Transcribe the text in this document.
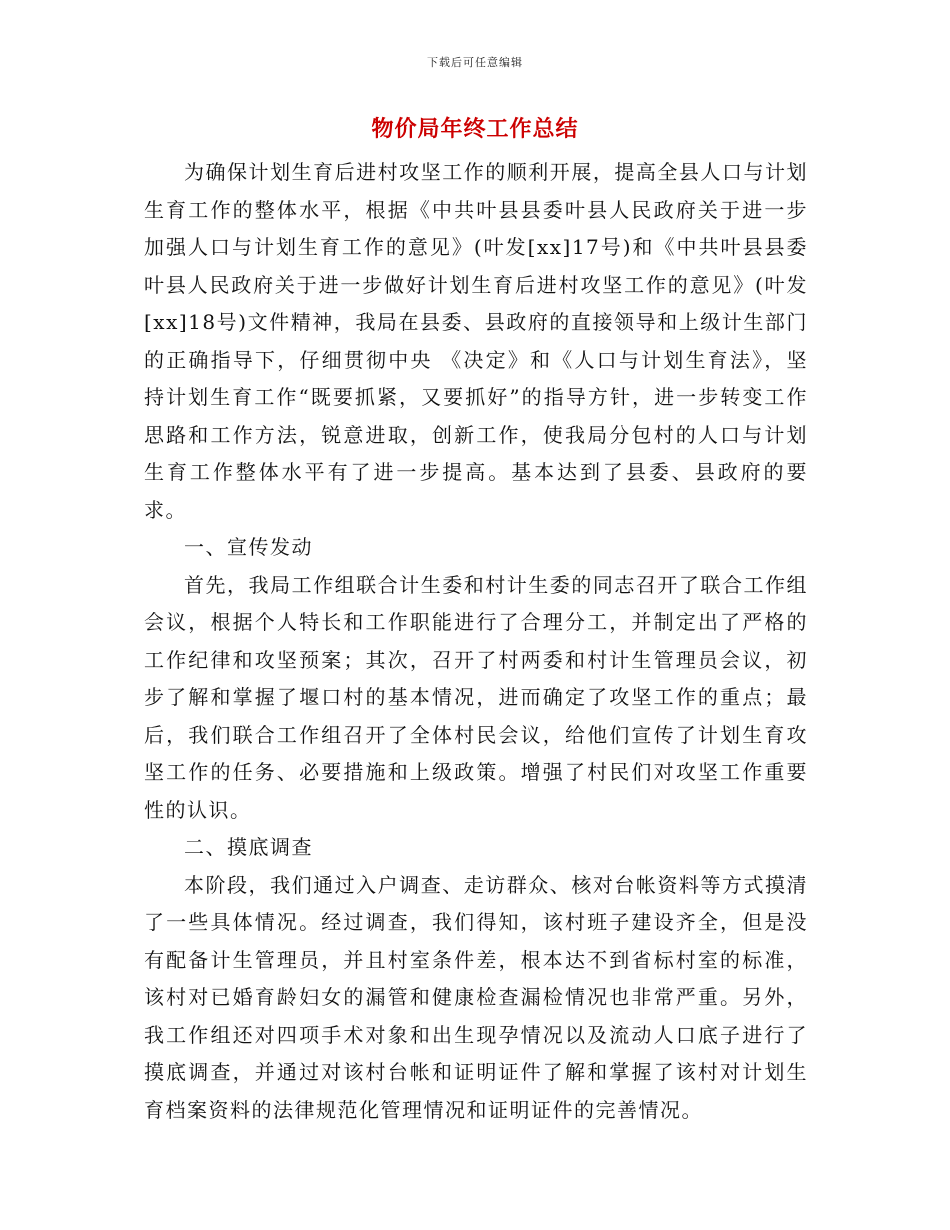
下载后可任意编辑
物价局年终工作总结

为确保计划生育后进村攻坚工作的顺利开展，提高全县人口与计划生育工作的整体水平，根据《中共叶县县委叶县人民政府关于进一步加强人口与计划生育工作的意见》(叶发[xx]17号)和《中共叶县县委叶县人民政府关于进一步做好计划生育后进村攻坚工作的意见》(叶发[xx]18号)文件精神，我局在县委、县政府的直接领导和上级计生部门的正确指导下，仔细贯彻中央 《决定》和《人口与计划生育法》，坚持计划生育工作“既要抓紧，又要抓好”的指导方针，进一步转变工作思路和工作方法，锐意进取，创新工作，使我局分包村的人口与计划生育工作整体水平有了进一步提高。基本达到了县委、县政府的要求。

一、宣传发动

首先，我局工作组联合计生委和村计生委的同志召开了联合工作组会议，根据个人特长和工作职能进行了合理分工，并制定出了严格的工作纪律和攻坚预案；其次，召开了村两委和村计生管理员会议，初步了解和掌握了堰口村的基本情况，进而确定了攻坚工作的重点；最后，我们联合工作组召开了全体村民会议，给他们宣传了计划生育攻坚工作的任务、必要措施和上级政策。增强了村民们对攻坚工作重要性的认识。

二、摸底调查

本阶段，我们通过入户调查、走访群众、核对台帐资料等方式摸清了一些具体情况。经过调查，我们得知，该村班子建设齐全，但是没有配备计生管理员，并且村室条件差，根本达不到省标村室的标准，该村对已婚育龄妇女的漏管和健康检查漏检情况也非常严重。另外，我工作组还对四项手术对象和出生现孕情况以及流动人口底子进行了摸底调查，并通过对该村台帐和证明证件了解和掌握了该村对计划生育档案资料的法律规范化管理情况和证明证件的完善情况。
